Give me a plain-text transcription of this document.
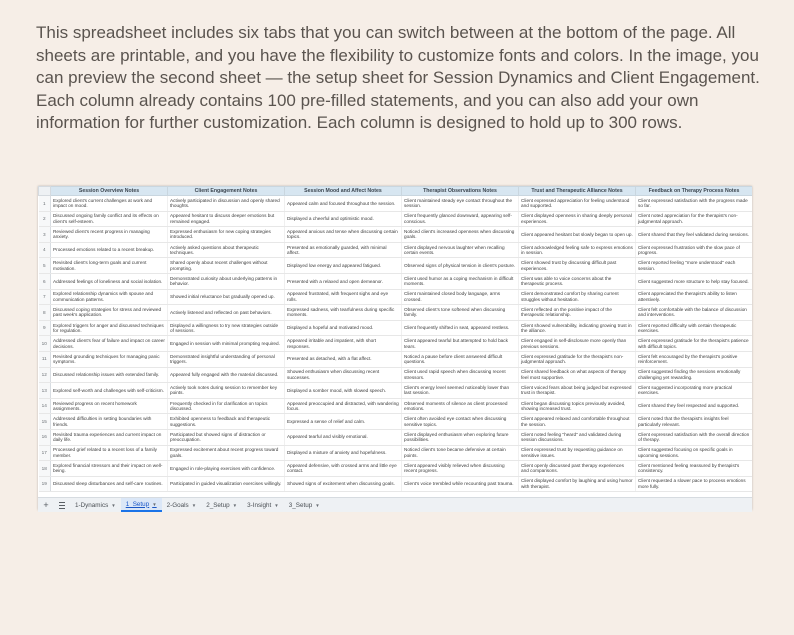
This spreadsheet includes six tabs that you can switch between at the bottom of the page. All sheets are printable, and you have the flexibility to customize fonts and colors. In the image, you can preview the second sheet — the setup sheet for Session Dynamics and Client Engagement. Each column already contains 100 pre-filled statements, and you can also add your own information for further customization. Each column is designed to hold up to 300 rows.

	Session Overview Notes	Client Engagement Notes	Session Mood and Affect Notes	Therapist Observations Notes	Trust and Therapeutic Alliance Notes	Feedback on Therapy Process Notes
1	Explored client's current challenges at work and impact on mood.	Actively participated in discussion and openly shared thoughts.	Appeared calm and focused throughout the session.	Client maintained steady eye contact throughout the session.	Client expressed appreciation for feeling understood and supported.	Client expressed satisfaction with the progress made so far.
2	Discussed ongoing family conflict and its effects on client's self-esteem.	Appeared hesitant to discuss deeper emotions but remained engaged.	Displayed a cheerful and optimistic mood.	Client frequently glanced downward, appearing self-conscious.	Client displayed openness in sharing deeply personal experiences.	Client noted appreciation for the therapist's non-judgmental approach.
3	Reviewed client's recent progress in managing anxiety.	Expressed enthusiasm for new coping strategies introduced.	Appeared anxious and tense when discussing certain topics.	Noticed client's increased openness when discussing goals.	Client appeared hesitant but slowly began to open up.	Client shared that they feel validated during sessions.
4	Processed emotions related to a recent breakup.	Actively asked questions about therapeutic techniques.	Presented as emotionally guarded, with minimal affect.	Client displayed nervous laughter when recalling certain events.	Client acknowledged feeling safe to express emotions in session.	Client expressed frustration with the slow pace of progress.
5	Revisited client's long-term goals and current motivation.	Shared openly about recent challenges without prompting.	Displayed low energy and appeared fatigued.	Observed signs of physical tension in client's posture.	Client showed trust by discussing difficult past experiences.	Client reported feeling "more understood" each session.
6	Addressed feelings of loneliness and social isolation.	Demonstrated curiosity about underlying patterns in behavior.	Presented with a relaxed and open demeanor.	Client used humor as a coping mechanism in difficult moments.	Client was able to voice concerns about the therapeutic process.	Client suggested more structure to help stay focused.
7	Explored relationship dynamics with spouse and communication patterns.	Showed initial reluctance but gradually opened up.	Appeared frustrated, with frequent sighs and eye rolls.	Client maintained closed body language, arms crossed.	Client demonstrated comfort by sharing current struggles without hesitation.	Client appreciated the therapist's ability to listen attentively.
8	Discussed coping strategies for stress and reviewed past week's application.	Actively listened and reflected on past behaviors.	Expressed sadness, with tearfulness during specific moments.	Observed client's tone softened when discussing family.	Client reflected on the positive impact of the therapeutic relationship.	Client felt comfortable with the balance of discussion and interventions.
9	Explored triggers for anger and discussed techniques for regulation.	Displayed a willingness to try new strategies outside of sessions.	Displayed a hopeful and motivated mood.	Client frequently shifted in seat, appeared restless.	Client showed vulnerability, indicating growing trust in the alliance.	Client reported difficulty with certain therapeutic exercises.
10	Addressed client's fear of failure and impact on career decisions.	Engaged in session with minimal prompting required.	Appeared irritable and impatient, with short responses.	Client appeared tearful but attempted to hold back tears.	Client engaged in self-disclosure more openly than previous sessions.	Client expressed gratitude for the therapist's patience with difficult topics.
11	Revisited grounding techniques for managing panic symptoms.	Demonstrated insightful understanding of personal triggers.	Presented as detached, with a flat affect.	Noticed a pause before client answered difficult questions.	Client expressed gratitude for the therapist's non-judgmental approach.	Client felt encouraged by the therapist's positive reinforcement.
12	Discussed relationship issues with extended family.	Appeared fully engaged with the material discussed.	Showed enthusiasm when discussing recent successes.	Client used rapid speech when discussing recent stressors.	Client shared feedback on what aspects of therapy feel most supportive.	Client suggested finding the sessions emotionally challenging yet rewarding.
13	Explored self-worth and challenges with self-criticism.	Actively took notes during session to remember key points.	Displayed a somber mood, with slowed speech.	Client's energy level seemed noticeably lower than last session.	Client voiced fears about being judged but expressed trust in therapist.	Client suggested incorporating more practical exercises.
14	Reviewed progress on recent homework assignments.	Frequently checked in for clarification on topics discussed.	Appeared preoccupied and distracted, with wandering focus.	Observed moments of silence as client processed emotions.	Client began discussing topics previously avoided, showing increased trust.	Client shared they feel respected and supported.
15	Addressed difficulties in setting boundaries with friends.	Exhibited openness to feedback and therapeutic suggestions.	Expressed a sense of relief and calm.	Client often avoided eye contact when discussing sensitive topics.	Client appeared relaxed and comfortable throughout the session.	Client noted that the therapist's insights feel particularly relevant.
16	Revisited trauma experiences and current impact on daily life.	Participated but showed signs of distraction or preoccupation.	Appeared tearful and visibly emotional.	Client displayed enthusiasm when exploring future possibilities.	Client noted feeling "heard" and validated during session discussions.	Client expressed satisfaction with the overall direction of therapy.
17	Processed grief related to a recent loss of a family member.	Expressed excitement about recent progress toward goals.	Displayed a mixture of anxiety and hopefulness.	Noticed client's tone became defensive at certain points.	Client expressed trust by requesting guidance on sensitive issues.	Client suggested focusing on specific goals in upcoming sessions.
18	Explored financial stressors and their impact on well-being.	Engaged in role-playing exercises with confidence.	Appeared defensive, with crossed arms and little eye contact.	Client appeared visibly relieved when discussing recent progress.	Client openly discussed past therapy experiences and comparisons.	Client mentioned feeling reassured by therapist's consistency.
19	Discussed sleep disturbances and self-care routines.	Participated in guided visualization exercises willingly.	Showed signs of excitement when discussing goals.	Client's voice trembled while recounting past trauma.	Client displayed comfort by laughing and using humor with therapist.	Client requested a slower pace to process emotions more fully.
+	1-Dynamics ▼ 1_Setup ▼ 2-Goals ▼ 2_Setup ▼ 3-Insight ▼ 3_Setup ▼
